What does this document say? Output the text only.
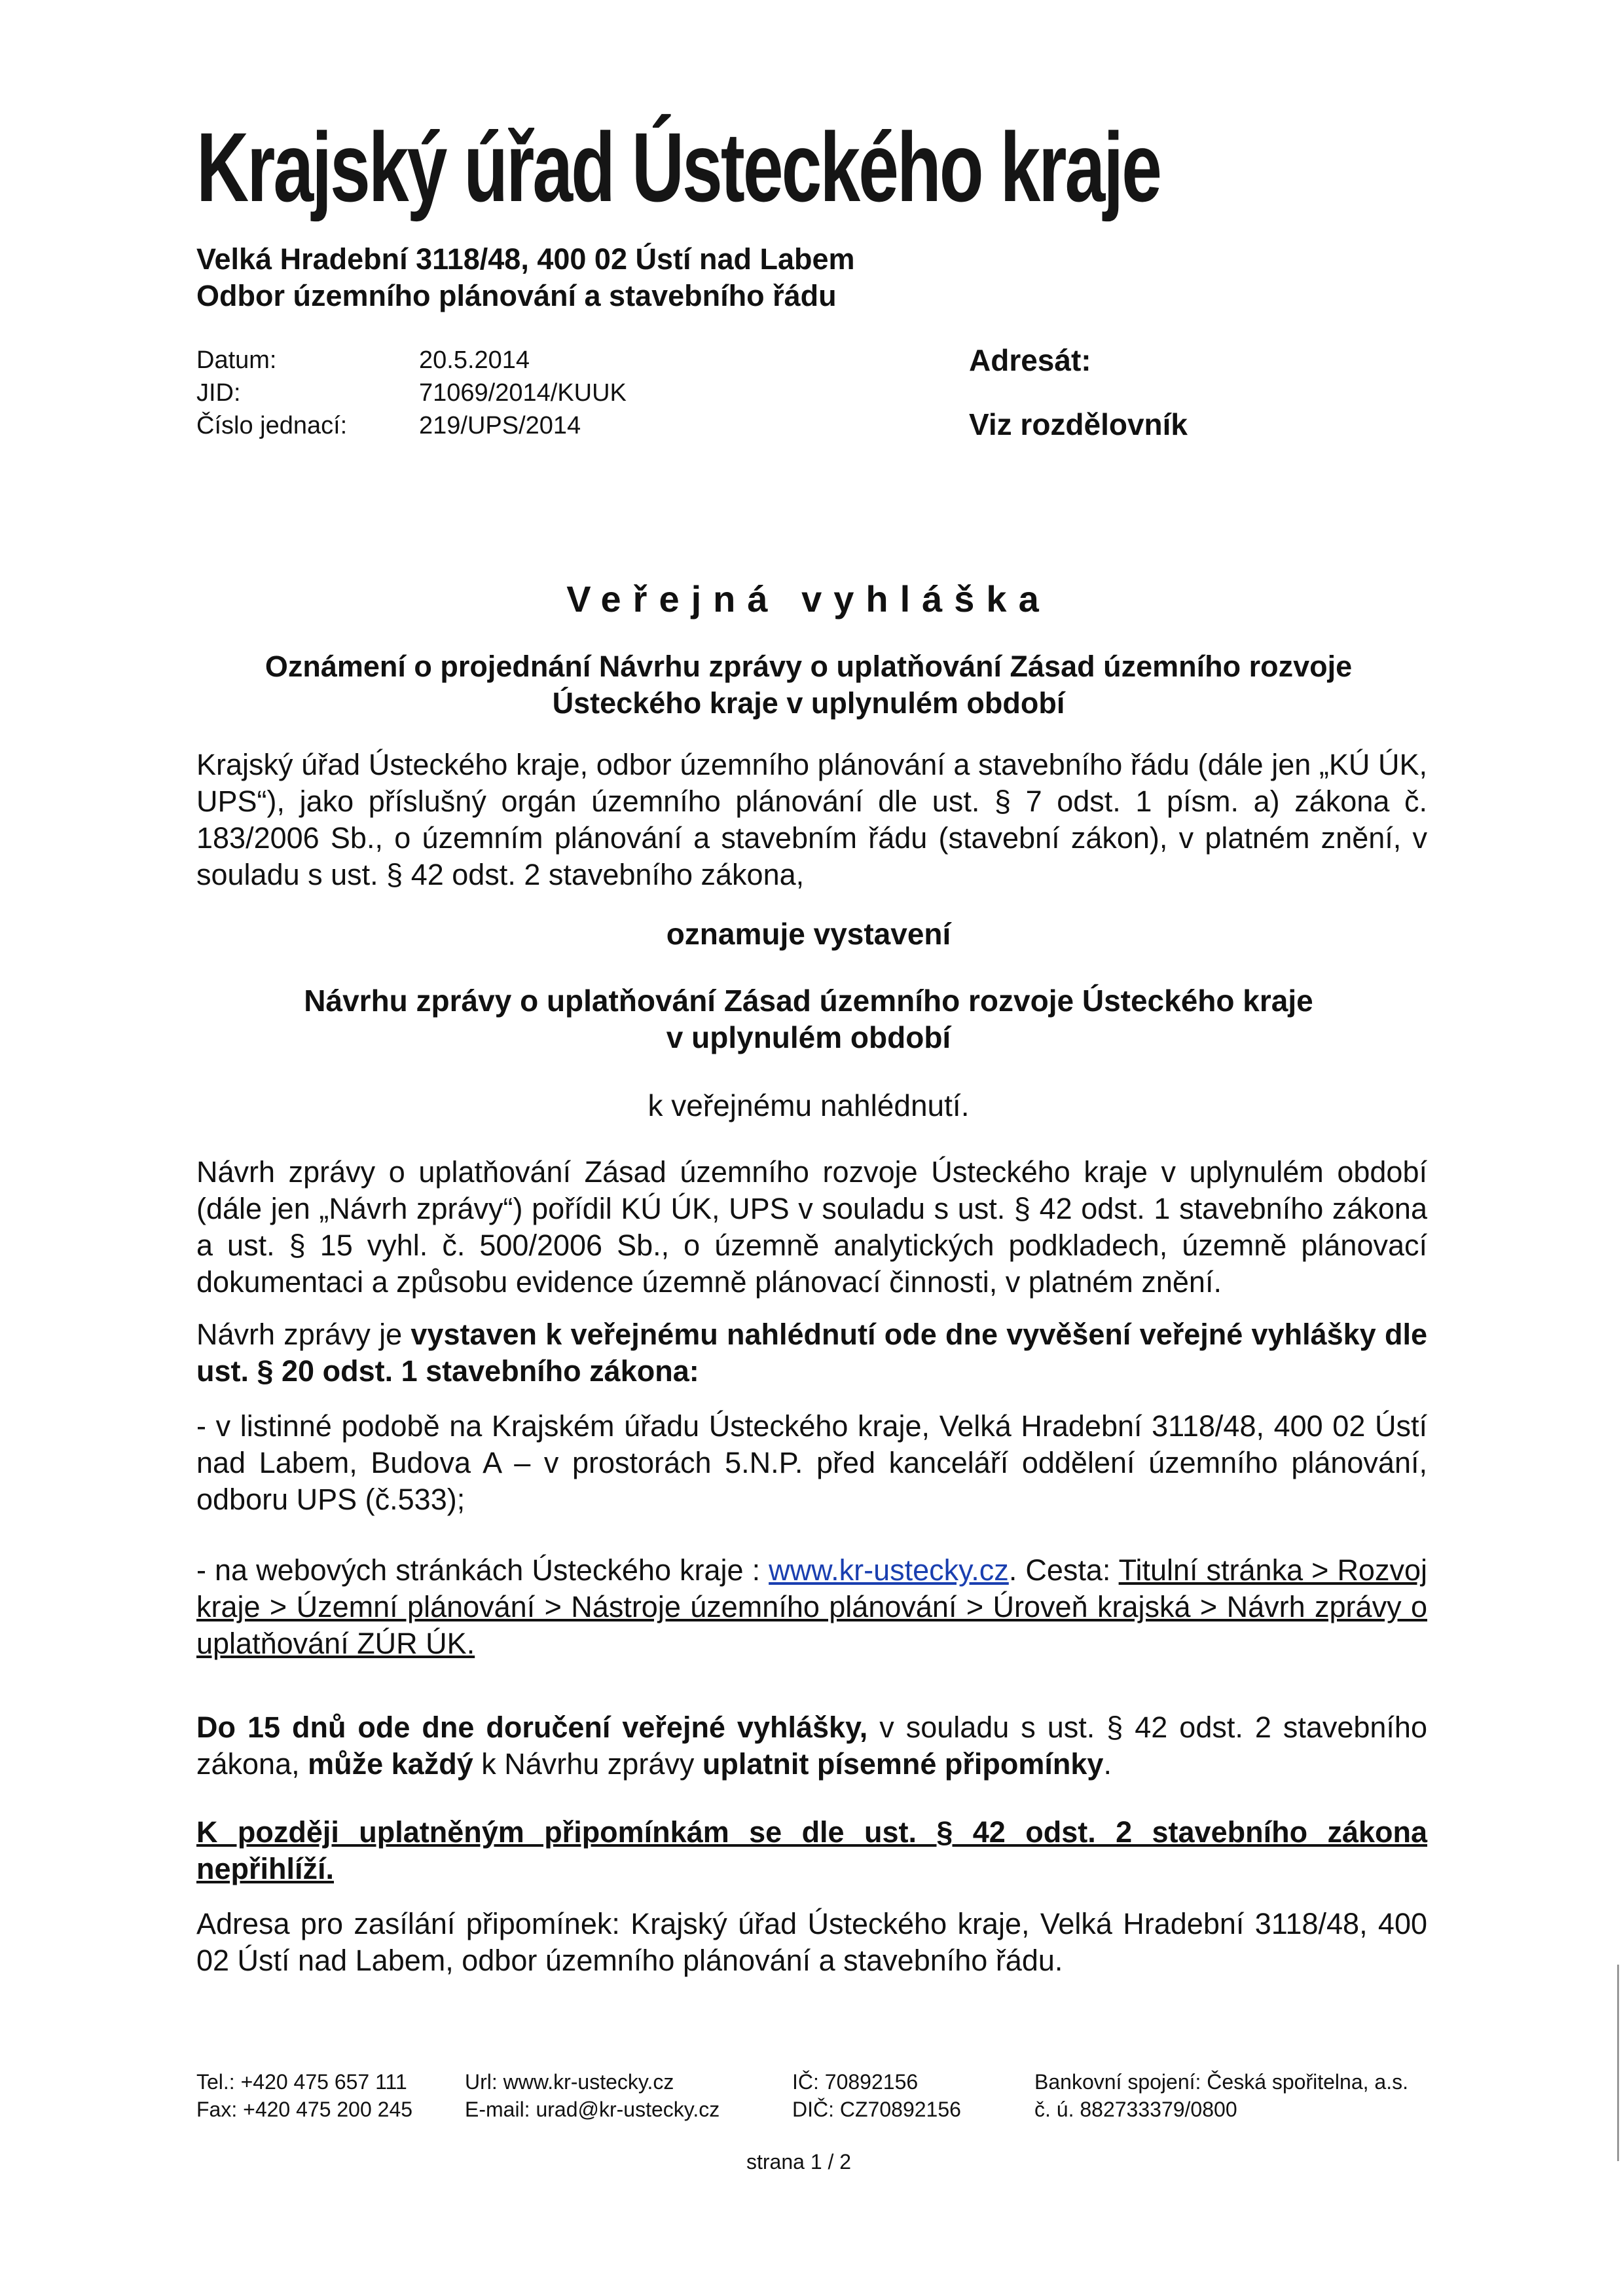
Krajský úřad Ústeckého kraje
Velká Hradební 3118/48, 400 02 Ústí nad Labem
Odbor územního plánování a stavebního řádu
Datum:	20.5.2014
JID:	71069/2014/KUUK
Číslo jednací:	219/UPS/2014
Adresát:
Viz rozdělovník
Veřejná vyhláška
Oznámení o projednání Návrhu zprávy o uplatňování Zásad územního rozvoje
Ústeckého kraje v uplynulém období
Krajský úřad Ústeckého kraje, odbor územního plánování a stavebního řádu (dále jen „KÚ ÚK, UPS“), jako příslušný orgán územního plánování dle ust. § 7 odst. 1 písm. a) zákona č. 183/2006 Sb., o územním plánování a stavebním řádu (stavební zákon), v platném znění, v souladu s ust. § 42 odst. 2 stavebního zákona,
oznamuje vystavení
Návrhu zprávy o uplatňování Zásad územního rozvoje Ústeckého kraje
v uplynulém období
k veřejnému nahlédnutí.
Návrh zprávy o uplatňování Zásad územního rozvoje Ústeckého kraje v uplynulém období (dále jen „Návrh zprávy“) pořídil KÚ ÚK, UPS v souladu s ust. § 42 odst. 1 stavebního zákona a ust. § 15 vyhl. č. 500/2006 Sb., o územně analytických podkladech, územně plánovací dokumentaci a způsobu evidence územně plánovací činnosti, v platném znění.
Návrh zprávy je vystaven k veřejnému nahlédnutí ode dne vyvěšení veřejné vyhlášky dle ust. § 20 odst. 1 stavebního zákona:
- v listinné podobě na Krajském úřadu Ústeckého kraje, Velká Hradební 3118/48, 400 02 Ústí nad Labem, Budova A – v prostorách 5.N.P. před kanceláří oddělení územního plánování, odboru UPS (č.533);
- na webových stránkách Ústeckého kraje : www.kr-ustecky.cz. Cesta: Titulní stránka > Rozvoj kraje > Územní plánování > Nástroje územního plánování > Úroveň krajská > Návrh zprávy o uplatňování ZÚR ÚK.
Do 15 dnů ode dne doručení veřejné vyhlášky, v souladu s ust. § 42 odst. 2 stavebního zákona, může každý k Návrhu zprávy uplatnit písemné připomínky.
K později uplatněným připomínkám se dle ust. § 42 odst. 2 stavebního zákona nepřihlíží.
Adresa pro zasílání připomínek: Krajský úřad Ústeckého kraje, Velká Hradební 3118/48, 400 02 Ústí nad Labem, odbor územního plánování a stavebního řádu.
Tel.: +420 475 657 111
Fax: +420 475 200 245
Url: www.kr-ustecky.cz
E-mail: urad@kr-ustecky.cz
IČ: 70892156
DIČ: CZ70892156
Bankovní spojení: Česká spořitelna, a.s.
č. ú. 882733379/0800
strana 1 / 2
